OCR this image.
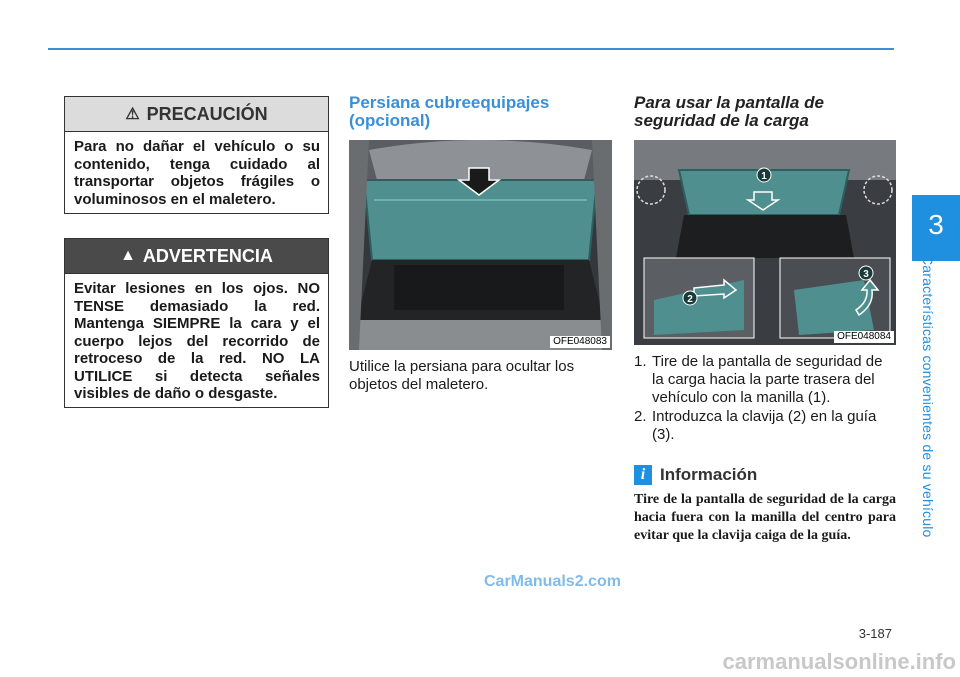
3
Características convenientes de su vehículo
⚠ PRECAUCIÓN
Para no dañar el vehículo o su contenido, tenga cuidado al transportar objetos frágiles o voluminosos en el maletero.
▲ ADVERTENCIA
Evitar lesiones en los ojos. NO TENSE demasiado la red. Mantenga SIEMPRE la cara y el cuerpo lejos del recorrido de retroceso de la red. NO LA UTILICE si detecta señales visibles de daño o desgaste.
Persiana cubreequipajes (opcional)
OFE048083
Utilice la persiana para ocultar los objetos del maletero.
Para usar la pantalla de seguridad de la carga
1
2
3
OFE048084
1. Tire de la pantalla de seguridad de la carga hacia la parte trasera del vehículo con la manilla (1).
2. Introduzca la clavija (2) en la guía (3).
i Información
Tire de la pantalla de seguridad de la carga hacia fuera con la manilla del centro para evitar que la clavija caiga de la guía.
CarManuals2.com
3-187
carmanualsonline.info
